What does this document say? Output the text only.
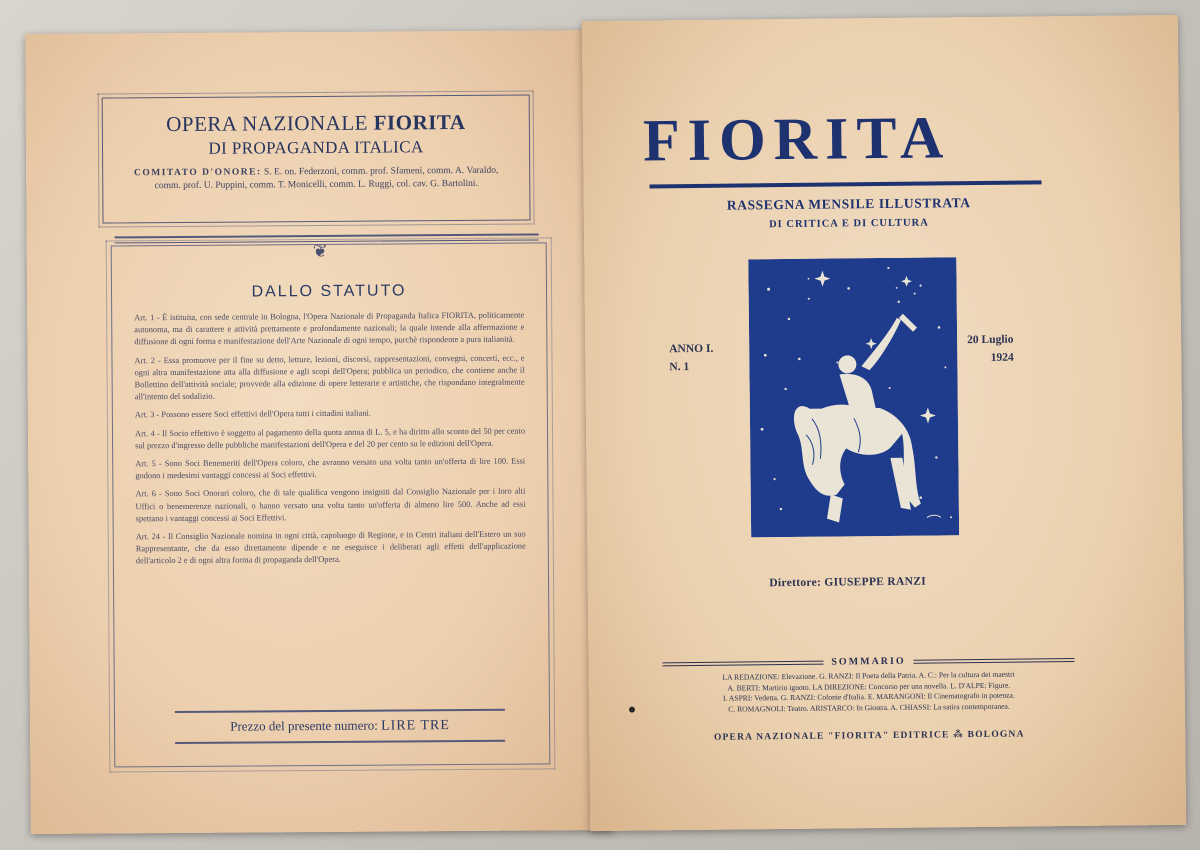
OPERA NAZIONALE FIORITA
DI PROPAGANDA ITALICA
COMITATO D'ONORE: S. E. on. Federzoni, comm. prof. Sfameni, comm. A. Varaldo, comm. prof. U. Puppini, comm. T. Monicelli, comm. L. Ruggi, col. cav. G. Bartolini.
❦
DALLO STATUTO

Art. 1 - È istituita, con sede centrale in Bologna, l'Opera Nazionale di Propaganda Italica FIORITA, politicamente autonoma, ma di carattere e attività prettamente e profondamente nazionali; la quale intende alla affermazione e diffusione di ogni forma e manifestazione dell'Arte Nazionale di ogni tempo, purchè rispondente a pura italianità.

Art. 2 - Essa promuove per il fine su detto, letture, lezioni, discorsi, rappresentazioni, convegni, concerti, ecc., e ogni altra manifestazione atta alla diffusione e agli scopi dell'Opera; pubblica un periodico, che contiene anche il Bollettino dell'attività sociale; provvede alla edizione di opere letterarie e artistiche, che rispondano integralmente all'intento del sodalizio.

Art. 3 - Possono essere Soci effettivi dell'Opera tutti i cittadini italiani.

Art. 4 - Il Socio effettivo è soggetto al pagamento della quota annua di L. 5, e ha diritto allo sconto del 50 per cento sul prezzo d'ingresso delle pubbliche manifestazioni dell'Opera e del 20 per cento su le edizioni dell'Opera.

Art. 5 - Sono Soci Benemeriti dell'Opera coloro, che avranno versato una volta tanto un'offerta di lire 100. Essi godono i medesimi vantaggi concessi ai Soci effettivi.

Art. 6 - Sono Soci Onorari coloro, che di tale qualifica vengono insigniti dal Consiglio Nazionale per i loro alti Uffici o benemerenze nazionali, o hanno versato una volta tanto un'offerta di almeno lire 500. Anche ad essi spettano i vantaggi concessi ai Soci Effettivi.

Art. 24 - Il Consiglio Nazionale nomina in ogni città, capoluogo di Regione, e in Centri italiani dell'Estero un suo Rappresentante, che da esso direttamente dipende e ne eseguisce i deliberati agli effetti dell'applicazione dell'articolo 2 e di ogni altra forma di propaganda dell'Opera.

Prezzo del presente numero: LIRE TRE
FIORITA
RASSEGNA MENSILE ILLUSTRATA
DI CRITICA E DI CULTURA
ANNO I.
N. 1
20 Luglio
1924
Direttore: GIUSEPPE RANZI
SOMMARIO
LA REDAZIONE: Elevazione. G. RANZI: Il Poeta della Patria. A. C.: Per la cultura dei maestri
A. BERTI: Martirio ignoto. LA DIREZIONE: Concorso per una novella. L. D'ALPE: Figure.
I. ASPRI: Vedetta. G. RANZI: Colonie d'Italia. E. MARANGONI: Il Cinematografo in potenza.
C. ROMAGNOLI: Teatro. ARISTARCO: In Giostra. A. CHIASSI: La satira contemporanea.
OPERA NAZIONALE "FIORITA" EDITRICE ⁂ BOLOGNA
